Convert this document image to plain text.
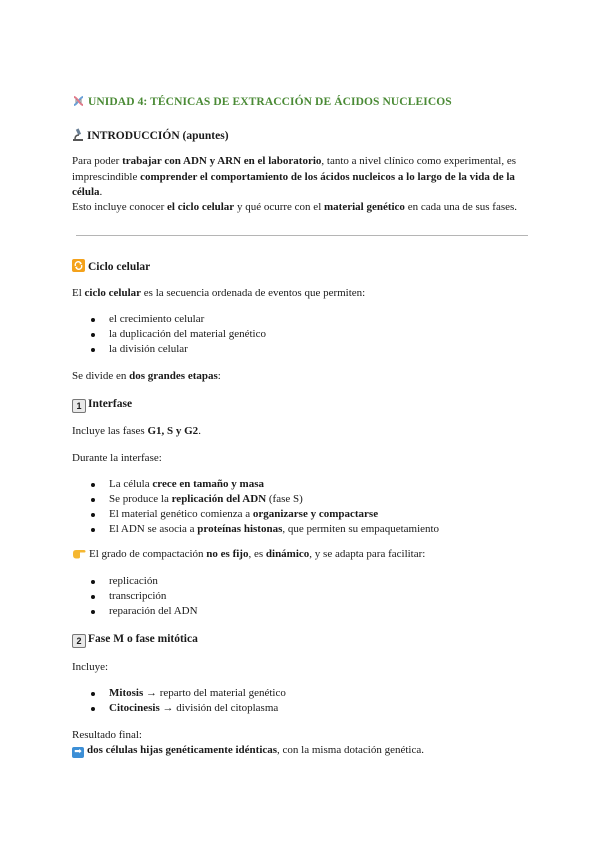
UNIDAD 4: TÉCNICAS DE EXTRACCIÓN DE ÁCIDOS NUCLEICOS
INTRODUCCIÓN (apuntes)
Para poder trabajar con ADN y ARN en el laboratorio, tanto a nivel clínico como experimental, es imprescindible comprender el comportamiento de los ácidos nucleicos a lo largo de la vida de la célula.

Esto incluye conocer el ciclo celular y qué ocurre con el material genético en cada una de sus fases.

Ciclo celular

El ciclo celular es la secuencia ordenada de eventos que permiten:

el crecimiento celular
la duplicación del material genético
la división celular

Se divide en dos grandes etapas:

1 Interfase

Incluye las fases G1, S y G2.

Durante la interfase:

La célula crece en tamaño y masa
Se produce la replicación del ADN (fase S)
El material genético comienza a organizarse y compactarse
El ADN se asocia a proteínas histonas, que permiten su empaquetamiento

El grado de compactación no es fijo, es dinámico, y se adapta para facilitar:

replicación
transcripción
reparación del ADN
2 Fase M o fase mitótica

Incluye:

Mitosis → reparto del material genético
Citocinesis → división del citoplasma

Resultado final:

➡ dos células hijas genéticamente idénticas, con la misma dotación genética.
